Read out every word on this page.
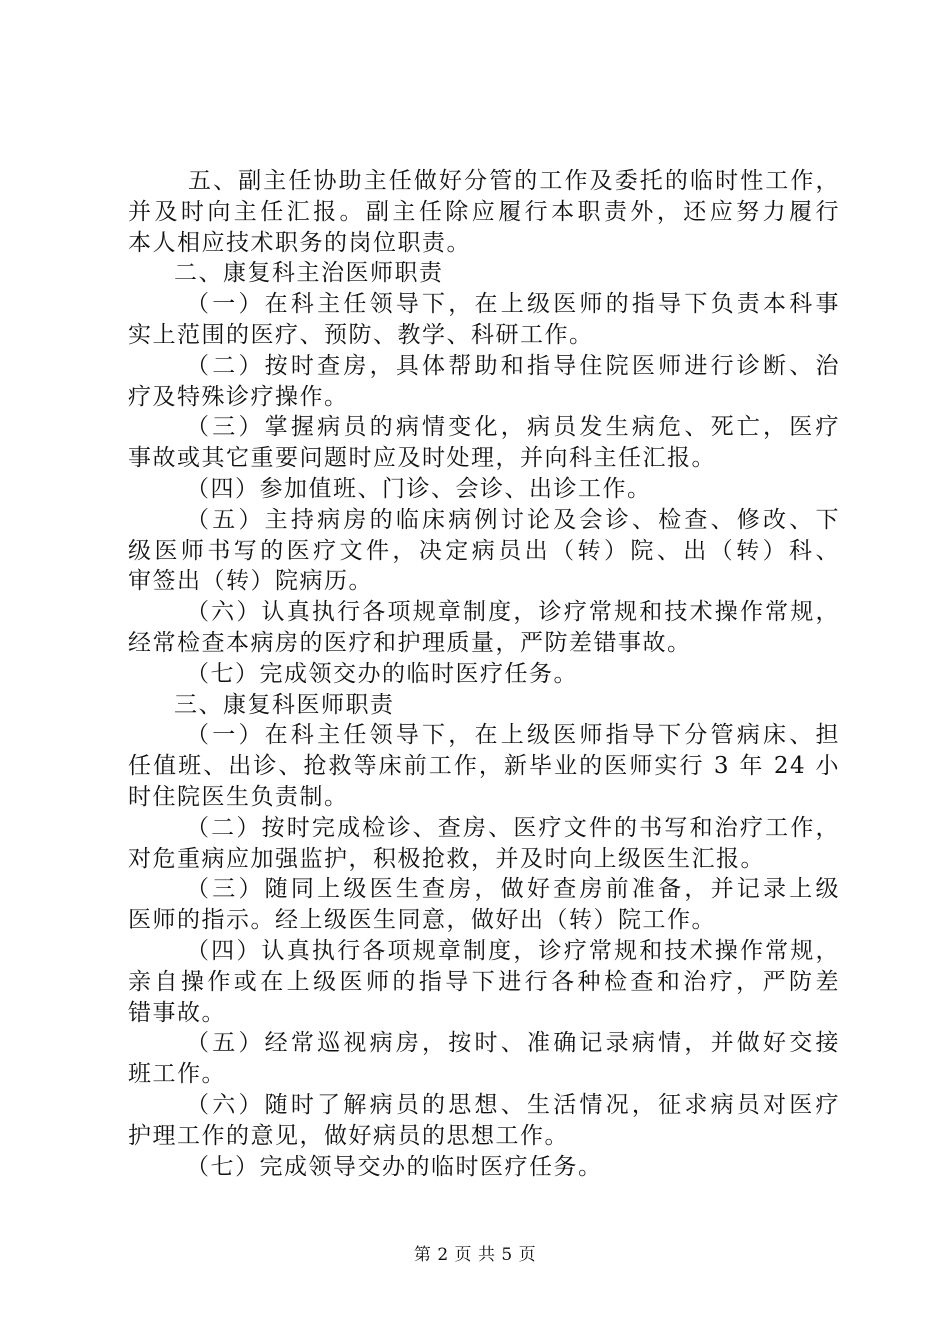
五、副主任协助主任做好分管的工作及委托的临时性工作，
并及时向主任汇报。副主任除应履行本职责外，还应努力履行
本人相应技术职务的岗位职责。
二、康复科主治医师职责
（一）在科主任领导下，在上级医师的指导下负责本科事
实上范围的医疗、预防、教学、科研工作。
（二）按时查房，具体帮助和指导住院医师进行诊断、治
疗及特殊诊疗操作。
（三）掌握病员的病情变化，病员发生病危、死亡，医疗
事故或其它重要问题时应及时处理，并向科主任汇报。
（四）参加值班、门诊、会诊、出诊工作。
（五）主持病房的临床病例讨论及会诊、检查、修改、下
级医师书写的医疗文件，决定病员出（转）院、出（转）科、
审签出（转）院病历。
（六）认真执行各项规章制度，诊疗常规和技术操作常规，
经常检查本病房的医疗和护理质量，严防差错事故。
（七）完成领交办的临时医疗任务。
三、康复科医师职责
（一）在科主任领导下，在上级医师指导下分管病床、担
任值班、出诊、抢救等床前工作，新毕业的医师实行 3 年 24 小
时住院医生负责制。
（二）按时完成检诊、查房、医疗文件的书写和治疗工作，
对危重病应加强监护，积极抢救，并及时向上级医生汇报。
（三）随同上级医生查房，做好查房前准备，并记录上级
医师的指示。经上级医生同意，做好出（转）院工作。
（四）认真执行各项规章制度，诊疗常规和技术操作常规，
亲自操作或在上级医师的指导下进行各种检查和治疗，严防差
错事故。
（五）经常巡视病房，按时、准确记录病情，并做好交接
班工作。
（六）随时了解病员的思想、生活情况，征求病员对医疗
护理工作的意见，做好病员的思想工作。
（七）完成领导交办的临时医疗任务。
第 2 页 共 5 页
